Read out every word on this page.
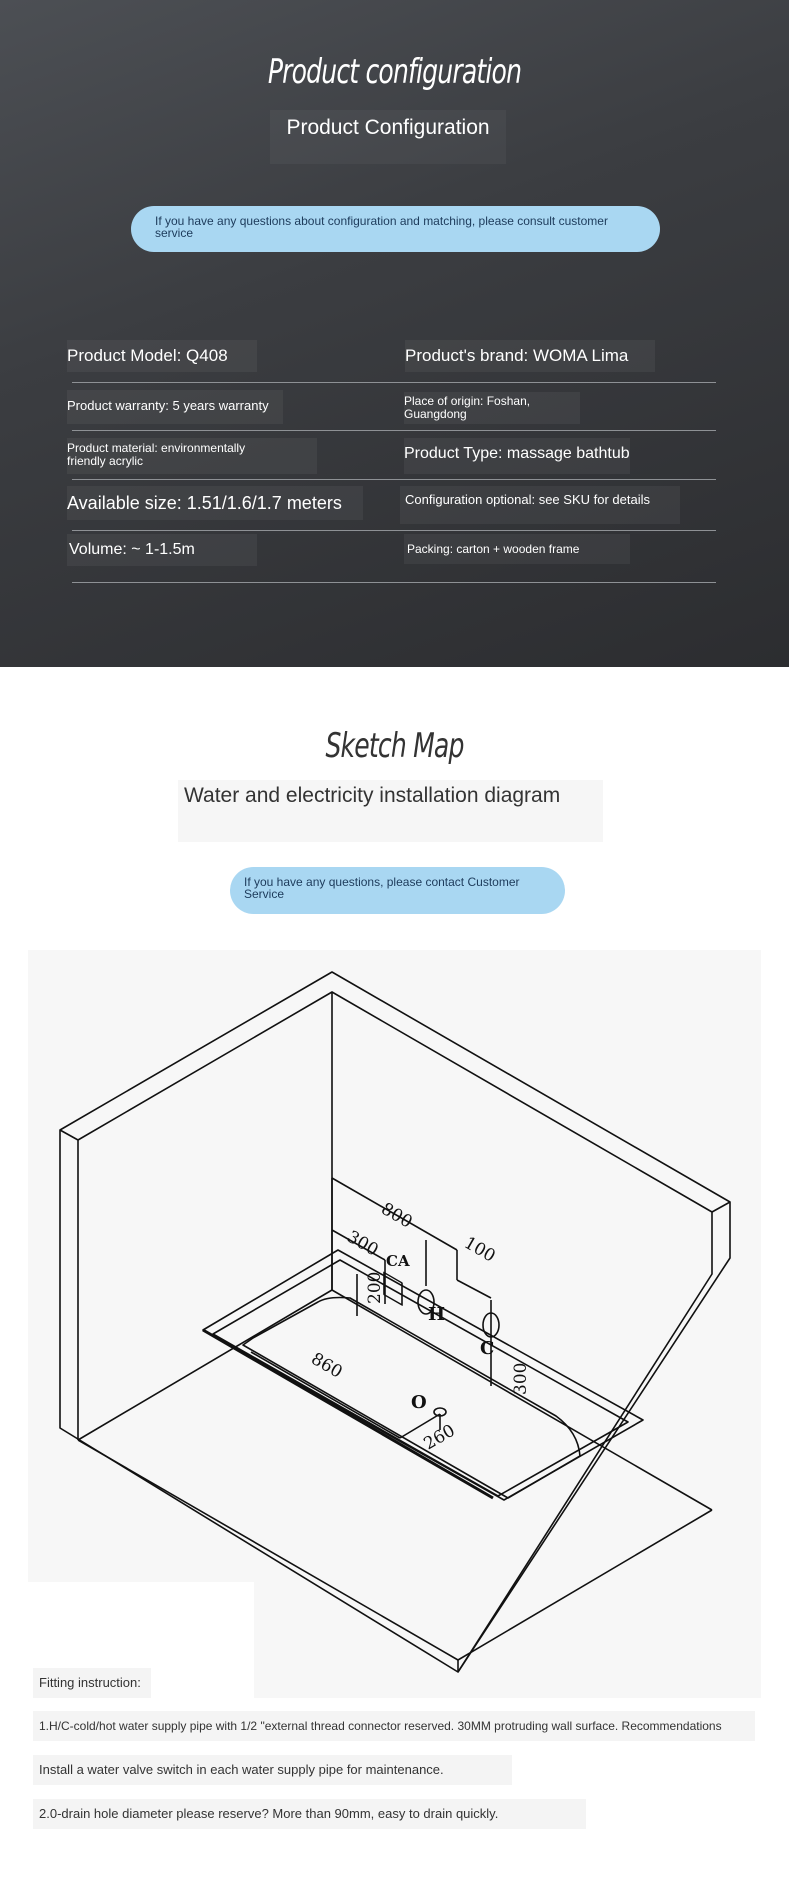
Product configuration
Product Configuration
If you have any questions about configuration and matching, please consult customer service
Product Model: Q408	Product's brand: WOMA Lima
Product warranty: 5 years warranty	Place of origin: Foshan, Guangdong
Product material: environmentally friendly acrylic	Product Type: massage bathtub
Available size: 1.51/1.6/1.7 meters	Configuration optional: see SKU for details
Volume: ~ 1-1.5m	Packing: carton + wooden frame
Sketch Map
Water and electricity installation diagram
If you have any questions, please contact Customer Service
800
100
300
200
300
860
260
CA
H
C
O
Fitting instruction:
1.H/C-cold/hot water supply pipe with 1/2 "external thread connector reserved. 30MM protruding wall surface. Recommendations
Install a water valve switch in each water supply pipe for maintenance.
2.0-drain hole diameter please reserve? More than 90mm, easy to drain quickly.
